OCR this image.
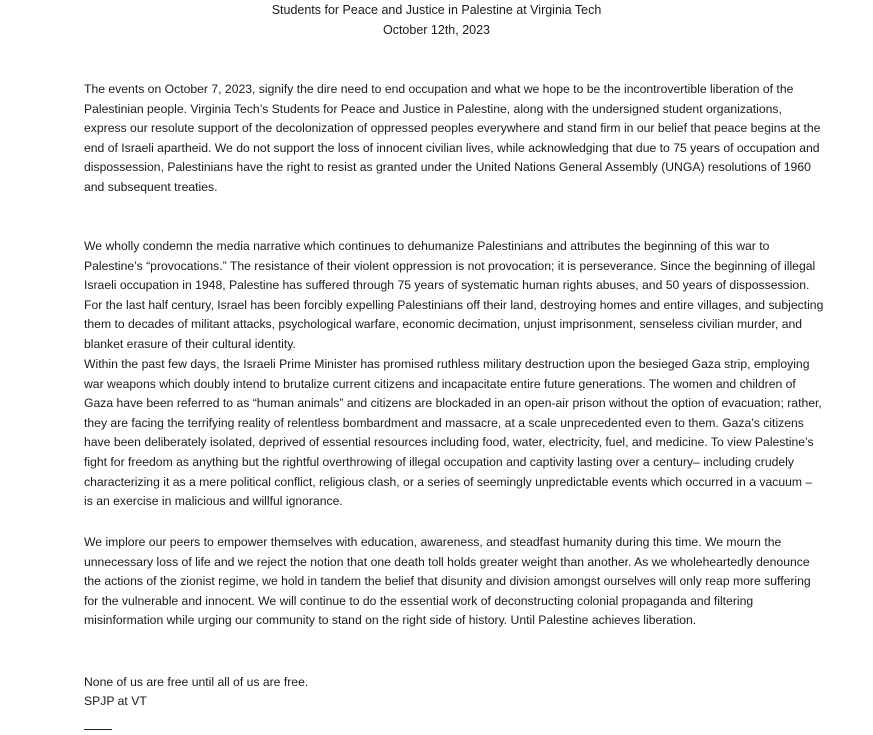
Students for Peace and Justice in Palestine at Virginia Tech
October 12th, 2023

The events on October 7, 2023, signify the dire need to end occupation and what we hope to be the incontrovertible liberation of the Palestinian people. Virginia Tech’s Students for Peace and Justice in Palestine, along with the undersigned student organizations, express our resolute support of the decolonization of oppressed peoples everywhere and stand firm in our belief that peace begins at the end of Israeli apartheid. We do not support the loss of innocent civilian lives, while acknowledging that due to 75 years of occupation and dispossession, Palestinians have the right to resist as granted under the United Nations General Assembly (UNGA) resolutions of 1960 and subsequent treaties.

We wholly condemn the media narrative which continues to dehumanize Palestinians and attributes the beginning of this war to Palestine’s “provocations.” The resistance of their violent oppression is not provocation; it is perseverance. Since the beginning of illegal Israeli occupation in 1948, Palestine has suffered through 75 years of systematic human rights abuses, and 50 years of dispossession. For the last half century, Israel has been forcibly expelling Palestinians off their land, destroying homes and entire villages, and subjecting them to decades of militant attacks, psychological warfare, economic decimation, unjust imprisonment, senseless civilian murder, and blanket erasure of their cultural identity.

Within the past few days, the Israeli Prime Minister has promised ruthless military destruction upon the besieged Gaza strip, employing war weapons which doubly intend to brutalize current citizens and incapacitate entire future generations. The women and children of Gaza have been referred to as “human animals” and citizens are blockaded in an open-air prison without the option of evacuation; rather, they are facing the terrifying reality of relentless bombardment and massacre, at a scale unprecedented even to them. Gaza’s citizens have been deliberately isolated, deprived of essential resources including food, water, electricity, fuel, and medicine. To view Palestine’s fight for freedom as anything but the rightful overthrowing of illegal occupation and captivity lasting over a century– including crudely characterizing it as a mere political conflict, religious clash, or a series of seemingly unpredictable events which occurred in a vacuum – is an exercise in malicious and willful ignorance.

We implore our peers to empower themselves with education, awareness, and steadfast humanity during this time. We mourn the unnecessary loss of life and we reject the notion that one death toll holds greater weight than another. As we wholeheartedly denounce the actions of the zionist regime, we hold in tandem the belief that disunity and division amongst ourselves will only reap more suffering for the vulnerable and innocent. We will continue to do the essential work of deconstructing colonial propaganda and filtering misinformation while urging our community to stand on the right side of history. Until Palestine achieves liberation.

None of us are free until all of us are free.

SPJP at VT
